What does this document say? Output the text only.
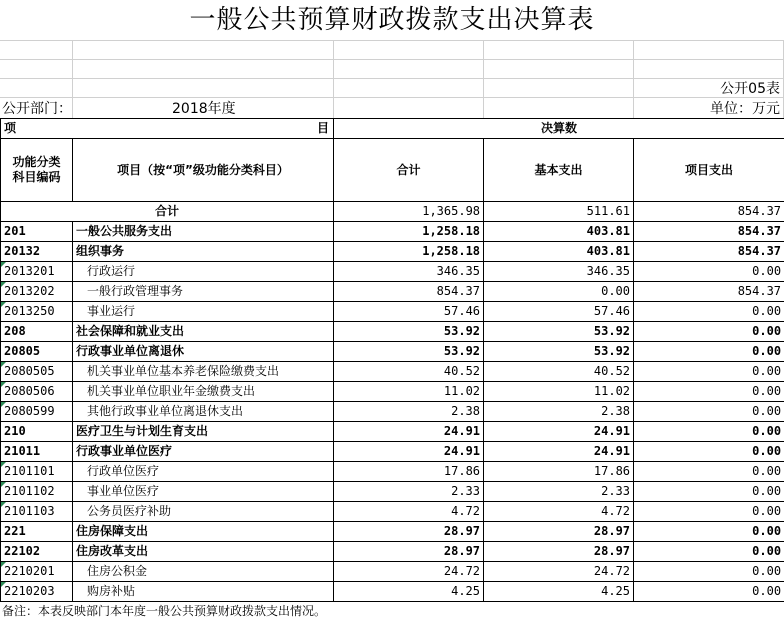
一般公共预算财政拨款支出决算表
公开05表
公开部门：	2018年度	单位：万元
项 目		决算数		
功能分类科目编码	项目（按“项”级功能分类科目）	合计	基本支出	项目支出
合计		1,365.98	511.61	854.37
201	一般公共服务支出	1,258.18	403.81	854.37
20132	组织事务	1,258.18	403.81	854.37
2013201	行政运行	346.35	346.35	0.00
2013202	一般行政管理事务	854.37	0.00	854.37
2013250	事业运行	57.46	57.46	0.00
208	社会保障和就业支出	53.92	53.92	0.00
20805	行政事业单位离退休	53.92	53.92	0.00
2080505	机关事业单位基本养老保险缴费支出	40.52	40.52	0.00
2080506	机关事业单位职业年金缴费支出	11.02	11.02	0.00
2080599	其他行政事业单位离退休支出	2.38	2.38	0.00
210	医疗卫生与计划生育支出	24.91	24.91	0.00
21011	行政事业单位医疗	24.91	24.91	0.00
2101101	行政单位医疗	17.86	17.86	0.00
2101102	事业单位医疗	2.33	2.33	0.00
2101103	公务员医疗补助	4.72	4.72	0.00
221	住房保障支出	28.97	28.97	0.00
22102	住房改革支出	28.97	28.97	0.00
2210201	住房公积金	24.72	24.72	0.00
2210203	购房补贴	4.25	4.25	0.00
备注：本表反映部门本年度一般公共预算财政拨款支出情况。
